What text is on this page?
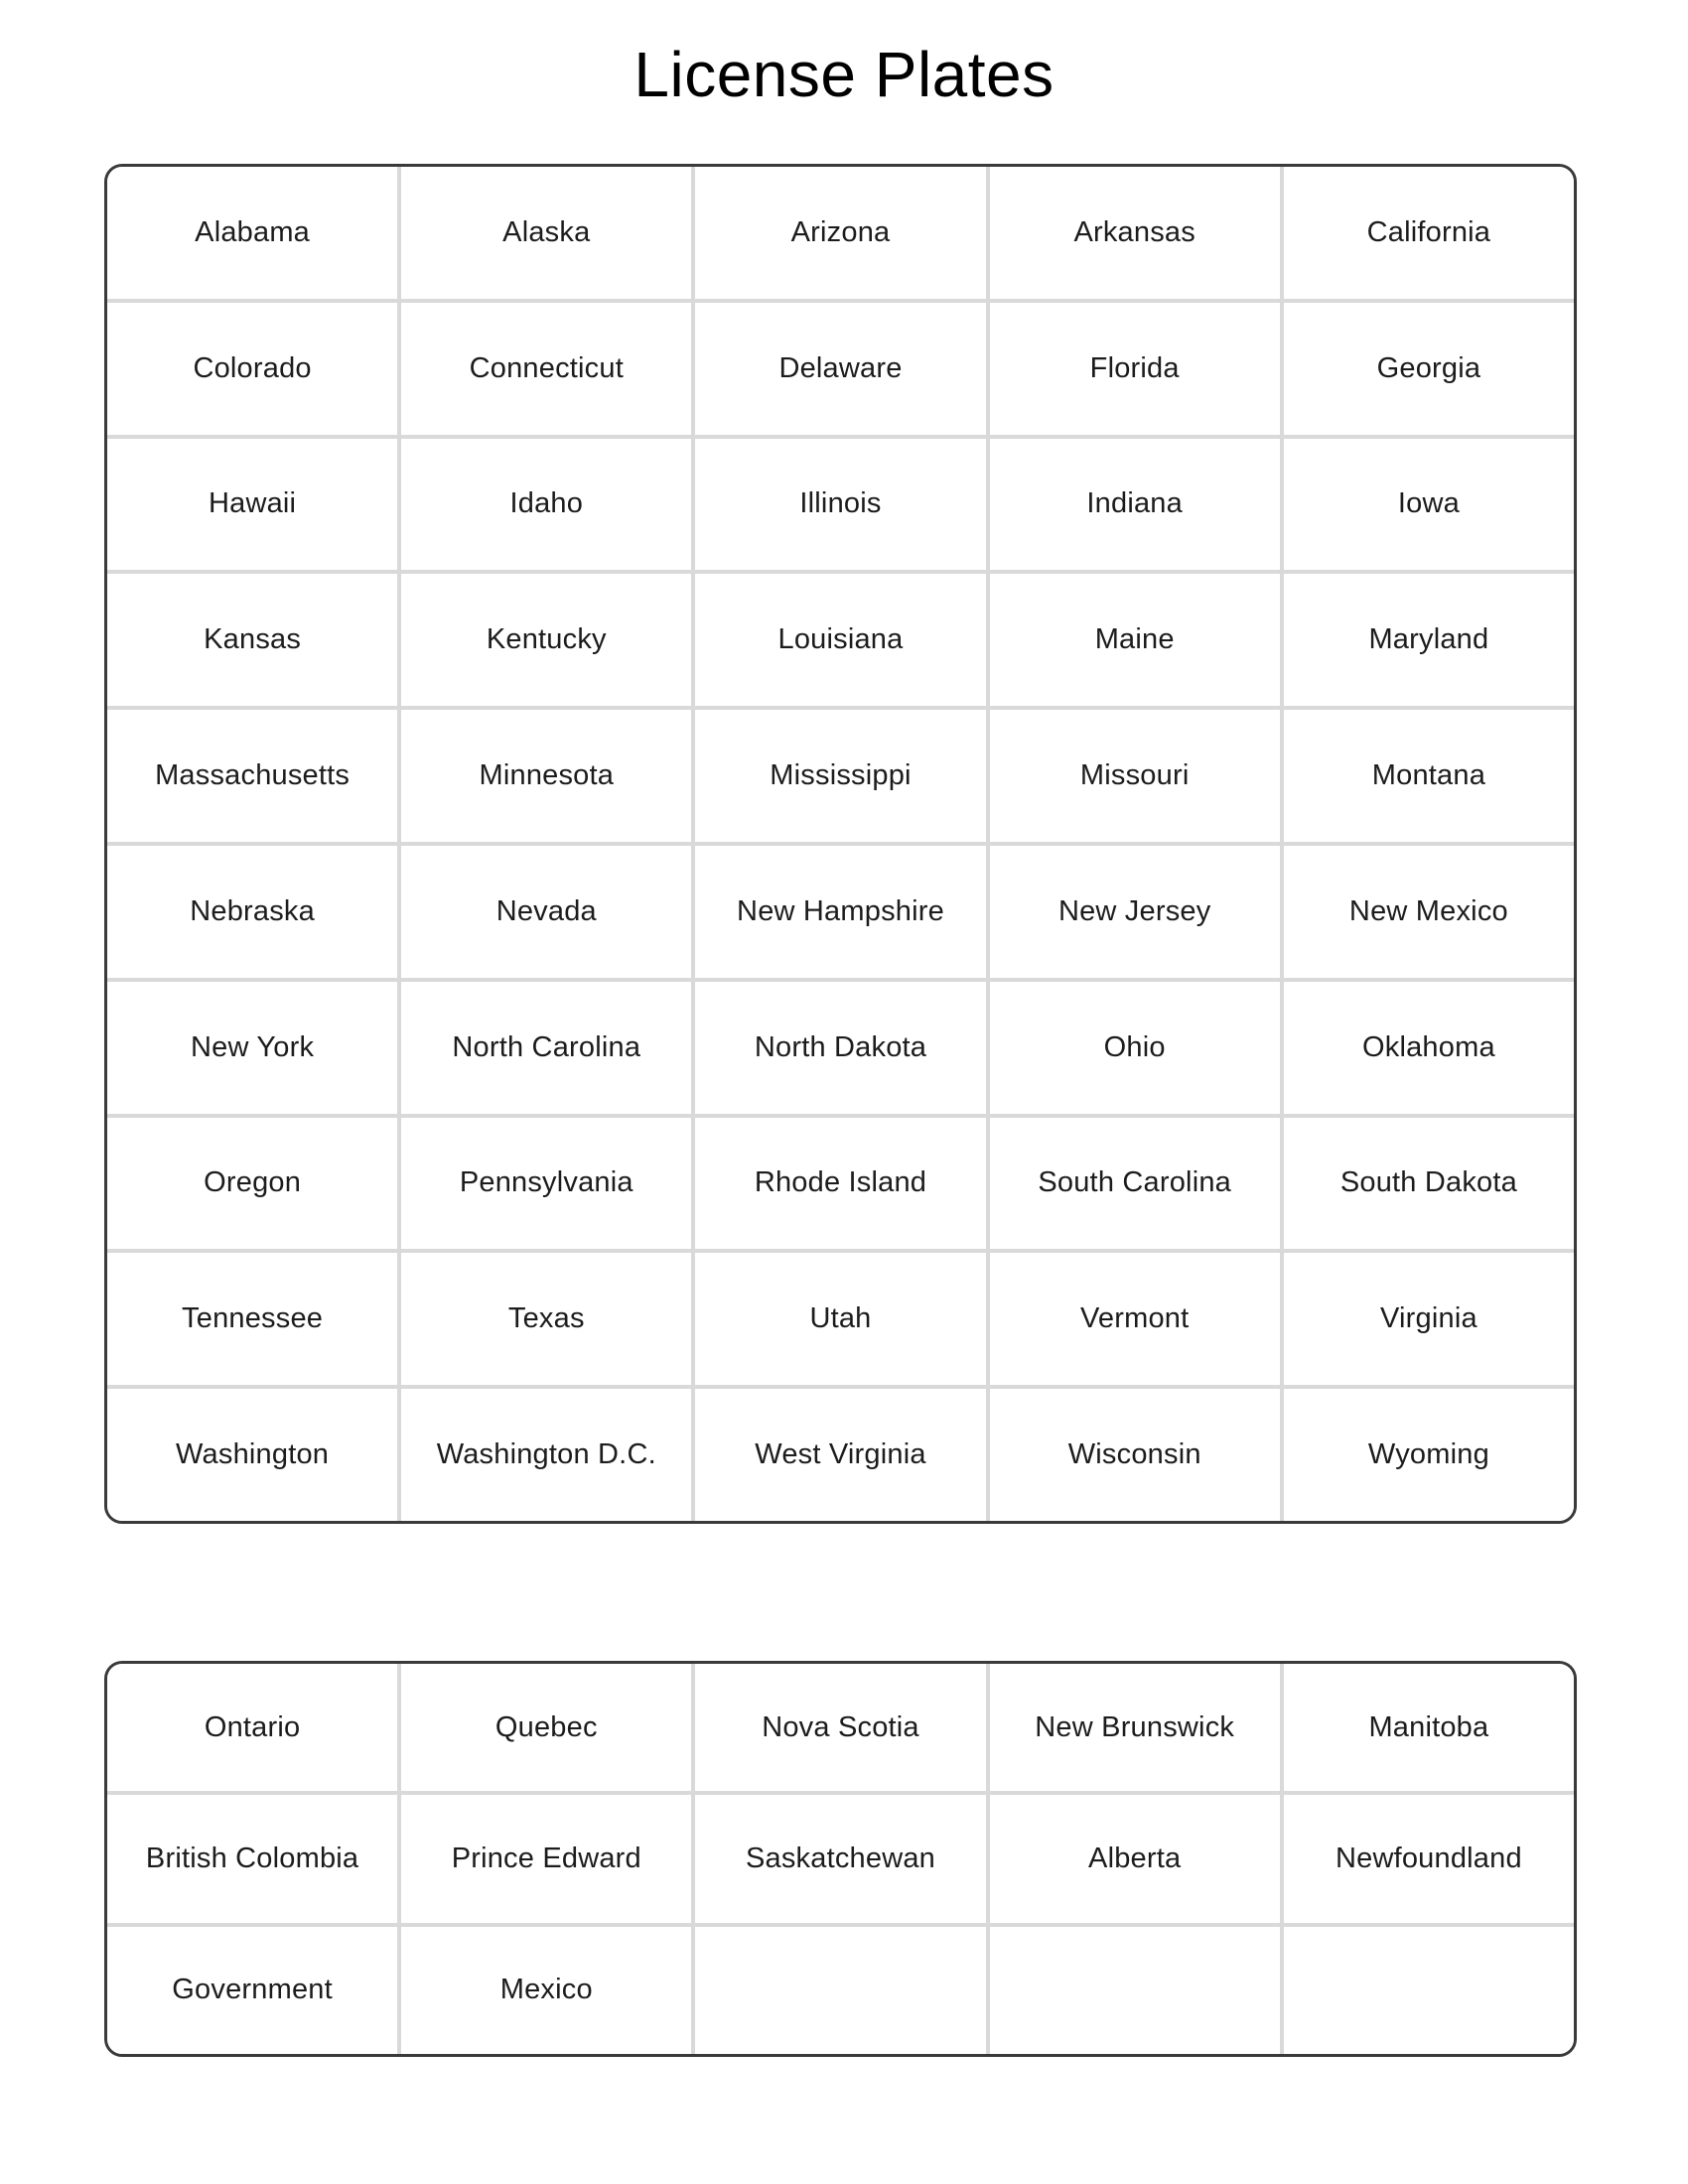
License Plates
Alabama	Alaska	Arizona	Arkansas	California
Colorado	Connecticut	Delaware	Florida	Georgia
Hawaii	Idaho	Illinois	Indiana	Iowa
Kansas	Kentucky	Louisiana	Maine	Maryland
Massachusetts	Minnesota	Mississippi	Missouri	Montana
Nebraska	Nevada	New Hampshire	New Jersey	New Mexico
New York	North Carolina	North Dakota	Ohio	Oklahoma
Oregon	Pennsylvania	Rhode Island	South Carolina	South Dakota
Tennessee	Texas	Utah	Vermont	Virginia
Washington	Washington D.C.	West Virginia	Wisconsin	Wyoming
Ontario	Quebec	Nova Scotia	New Brunswick	Manitoba
British Colombia	Prince Edward	Saskatchewan	Alberta	Newfoundland
Government	Mexico
